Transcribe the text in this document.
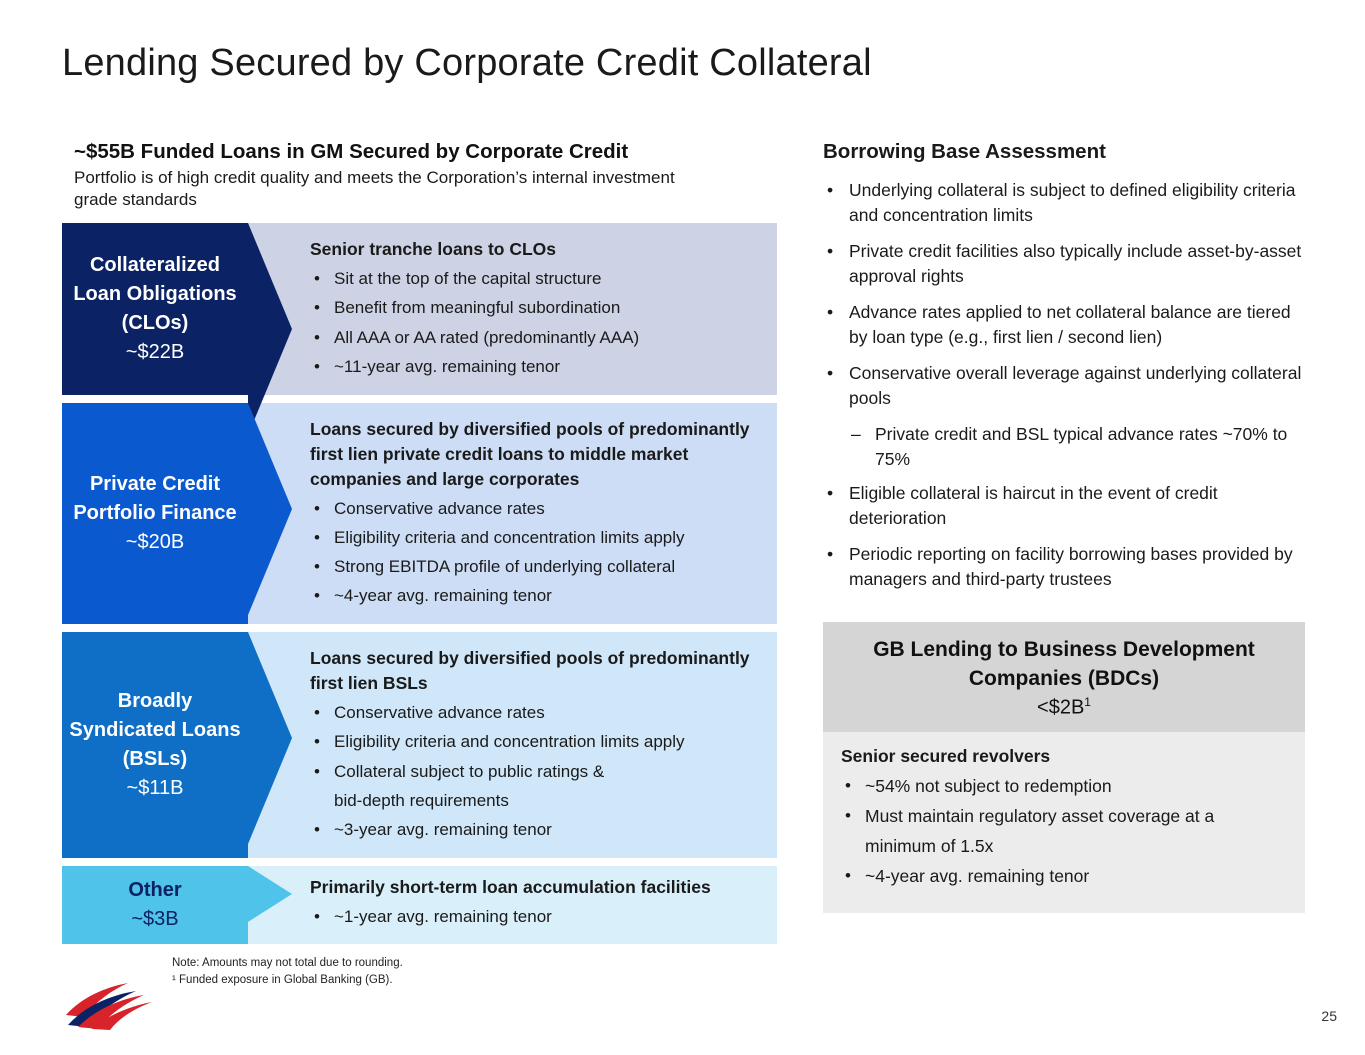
Lending Secured by Corporate Credit Collateral
~$55B Funded Loans in GM Secured by Corporate Credit
Portfolio is of high credit quality and meets the Corporation’s internal investment grade standards
Collateralized Loan Obligations (CLOs)
~$22B
Senior tranche loans to CLOs
• Sit at the top of the capital structure
• Benefit from meaningful subordination
• All AAA or AA rated (predominantly AAA)
• ~11-year avg. remaining tenor
Private Credit Portfolio Finance
~$20B
Loans secured by diversified pools of predominantly first lien private credit loans to middle market companies and large corporates
• Conservative advance rates
• Eligibility criteria and concentration limits apply
• Strong EBITDA profile of underlying collateral
• ~4-year avg. remaining tenor
Broadly Syndicated Loans (BSLs)
~$11B
Loans secured by diversified pools of predominantly first lien BSLs
• Conservative advance rates
• Eligibility criteria and concentration limits apply
• Collateral subject to public ratings &
bid-depth requirements
• ~3-year avg. remaining tenor
Other
~$3B
Primarily short-term loan accumulation facilities
• ~1-year avg. remaining tenor
Note: Amounts may not total due to rounding.
¹ Funded exposure in Global Banking (GB).
Borrowing Base Assessment
• Underlying collateral is subject to defined eligibility criteria and concentration limits
• Private credit facilities also typically include asset-by-asset approval rights
• Advance rates applied to net collateral balance are tiered by loan type (e.g., first lien / second lien)
• Conservative overall leverage against underlying collateral pools
– Private credit and BSL typical advance rates ~70% to 75%
• Eligible collateral is haircut in the event of credit deterioration
• Periodic reporting on facility borrowing bases provided by managers and third-party trustees
GB Lending to Business Development Companies (BDCs)
$<\$2B^1$
Senior secured revolvers
• ~54% not subject to redemption
• Must maintain regulatory asset coverage at a minimum of 1.5x
• ~4-year avg. remaining tenor
25
